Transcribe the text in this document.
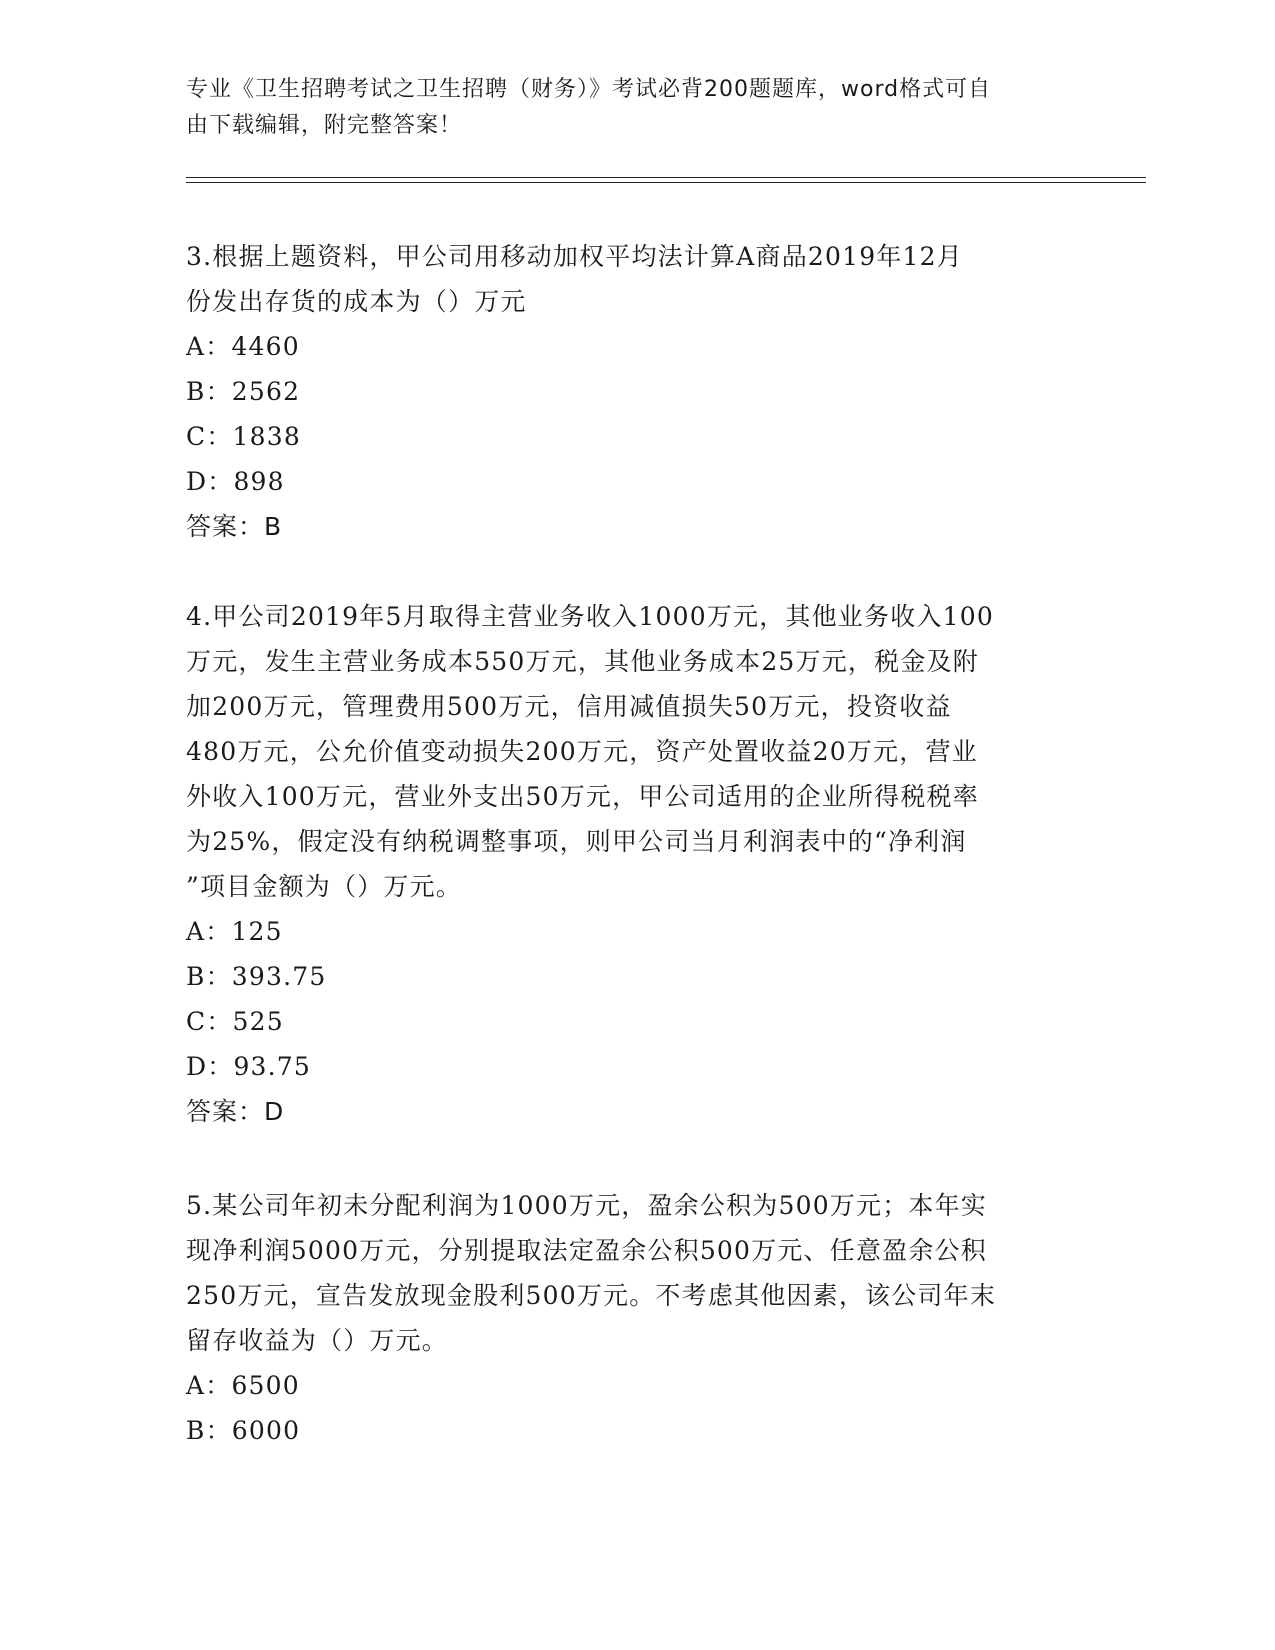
专业《卫生招聘考试之卫生招聘（财务）》考试必背200题题库，word格式可自
由下载编辑，附完整答案！

3.根据上题资料，甲公司用移动加权平均法计算A商品2019年12月
份发出存货的成本为（）万元

A：4460

B：2562

C：1838

D：898

答案：B

4.甲公司2019年5月取得主营业务收入1000万元，其他业务收入100
万元，发生主营业务成本550万元，其他业务成本25万元，税金及附
加200万元，管理费用500万元，信用减值损失50万元，投资收益
480万元，公允价值变动损失200万元，资产处置收益20万元，营业
外收入100万元，营业外支出50万元，甲公司适用的企业所得税税率
为25%，假定没有纳税调整事项，则甲公司当月利润表中的“净利润
”项目金额为（）万元。

A：125

B：393.75

C：525

D：93.75

答案：D

5.某公司年初未分配利润为1000万元，盈余公积为500万元；本年实
现净利润5000万元，分别提取法定盈余公积500万元、任意盈余公积
250万元，宣告发放现金股利500万元。不考虑其他因素，该公司年末
留存收益为（）万元。

A：6500

B：6000
